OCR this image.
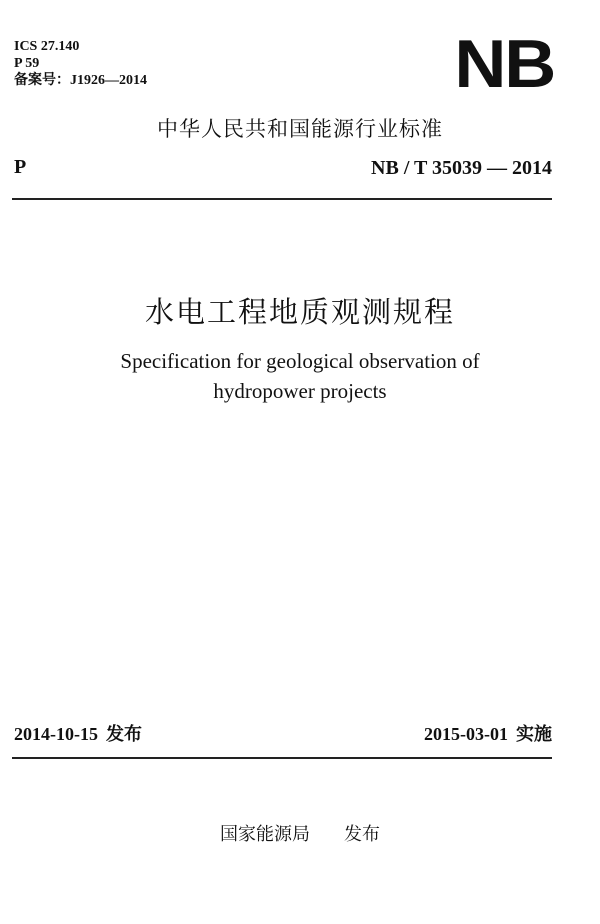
ICS 27.140
P 59
备案号：J1926—2014	NB
中华人民共和国能源行业标准
P	NB / T 35039 — 2014
水电工程地质观测规程
Specification for geological observation of
hydropower projects
2014-10-15 发布	2015-03-01 实施
国家能源局 发布
